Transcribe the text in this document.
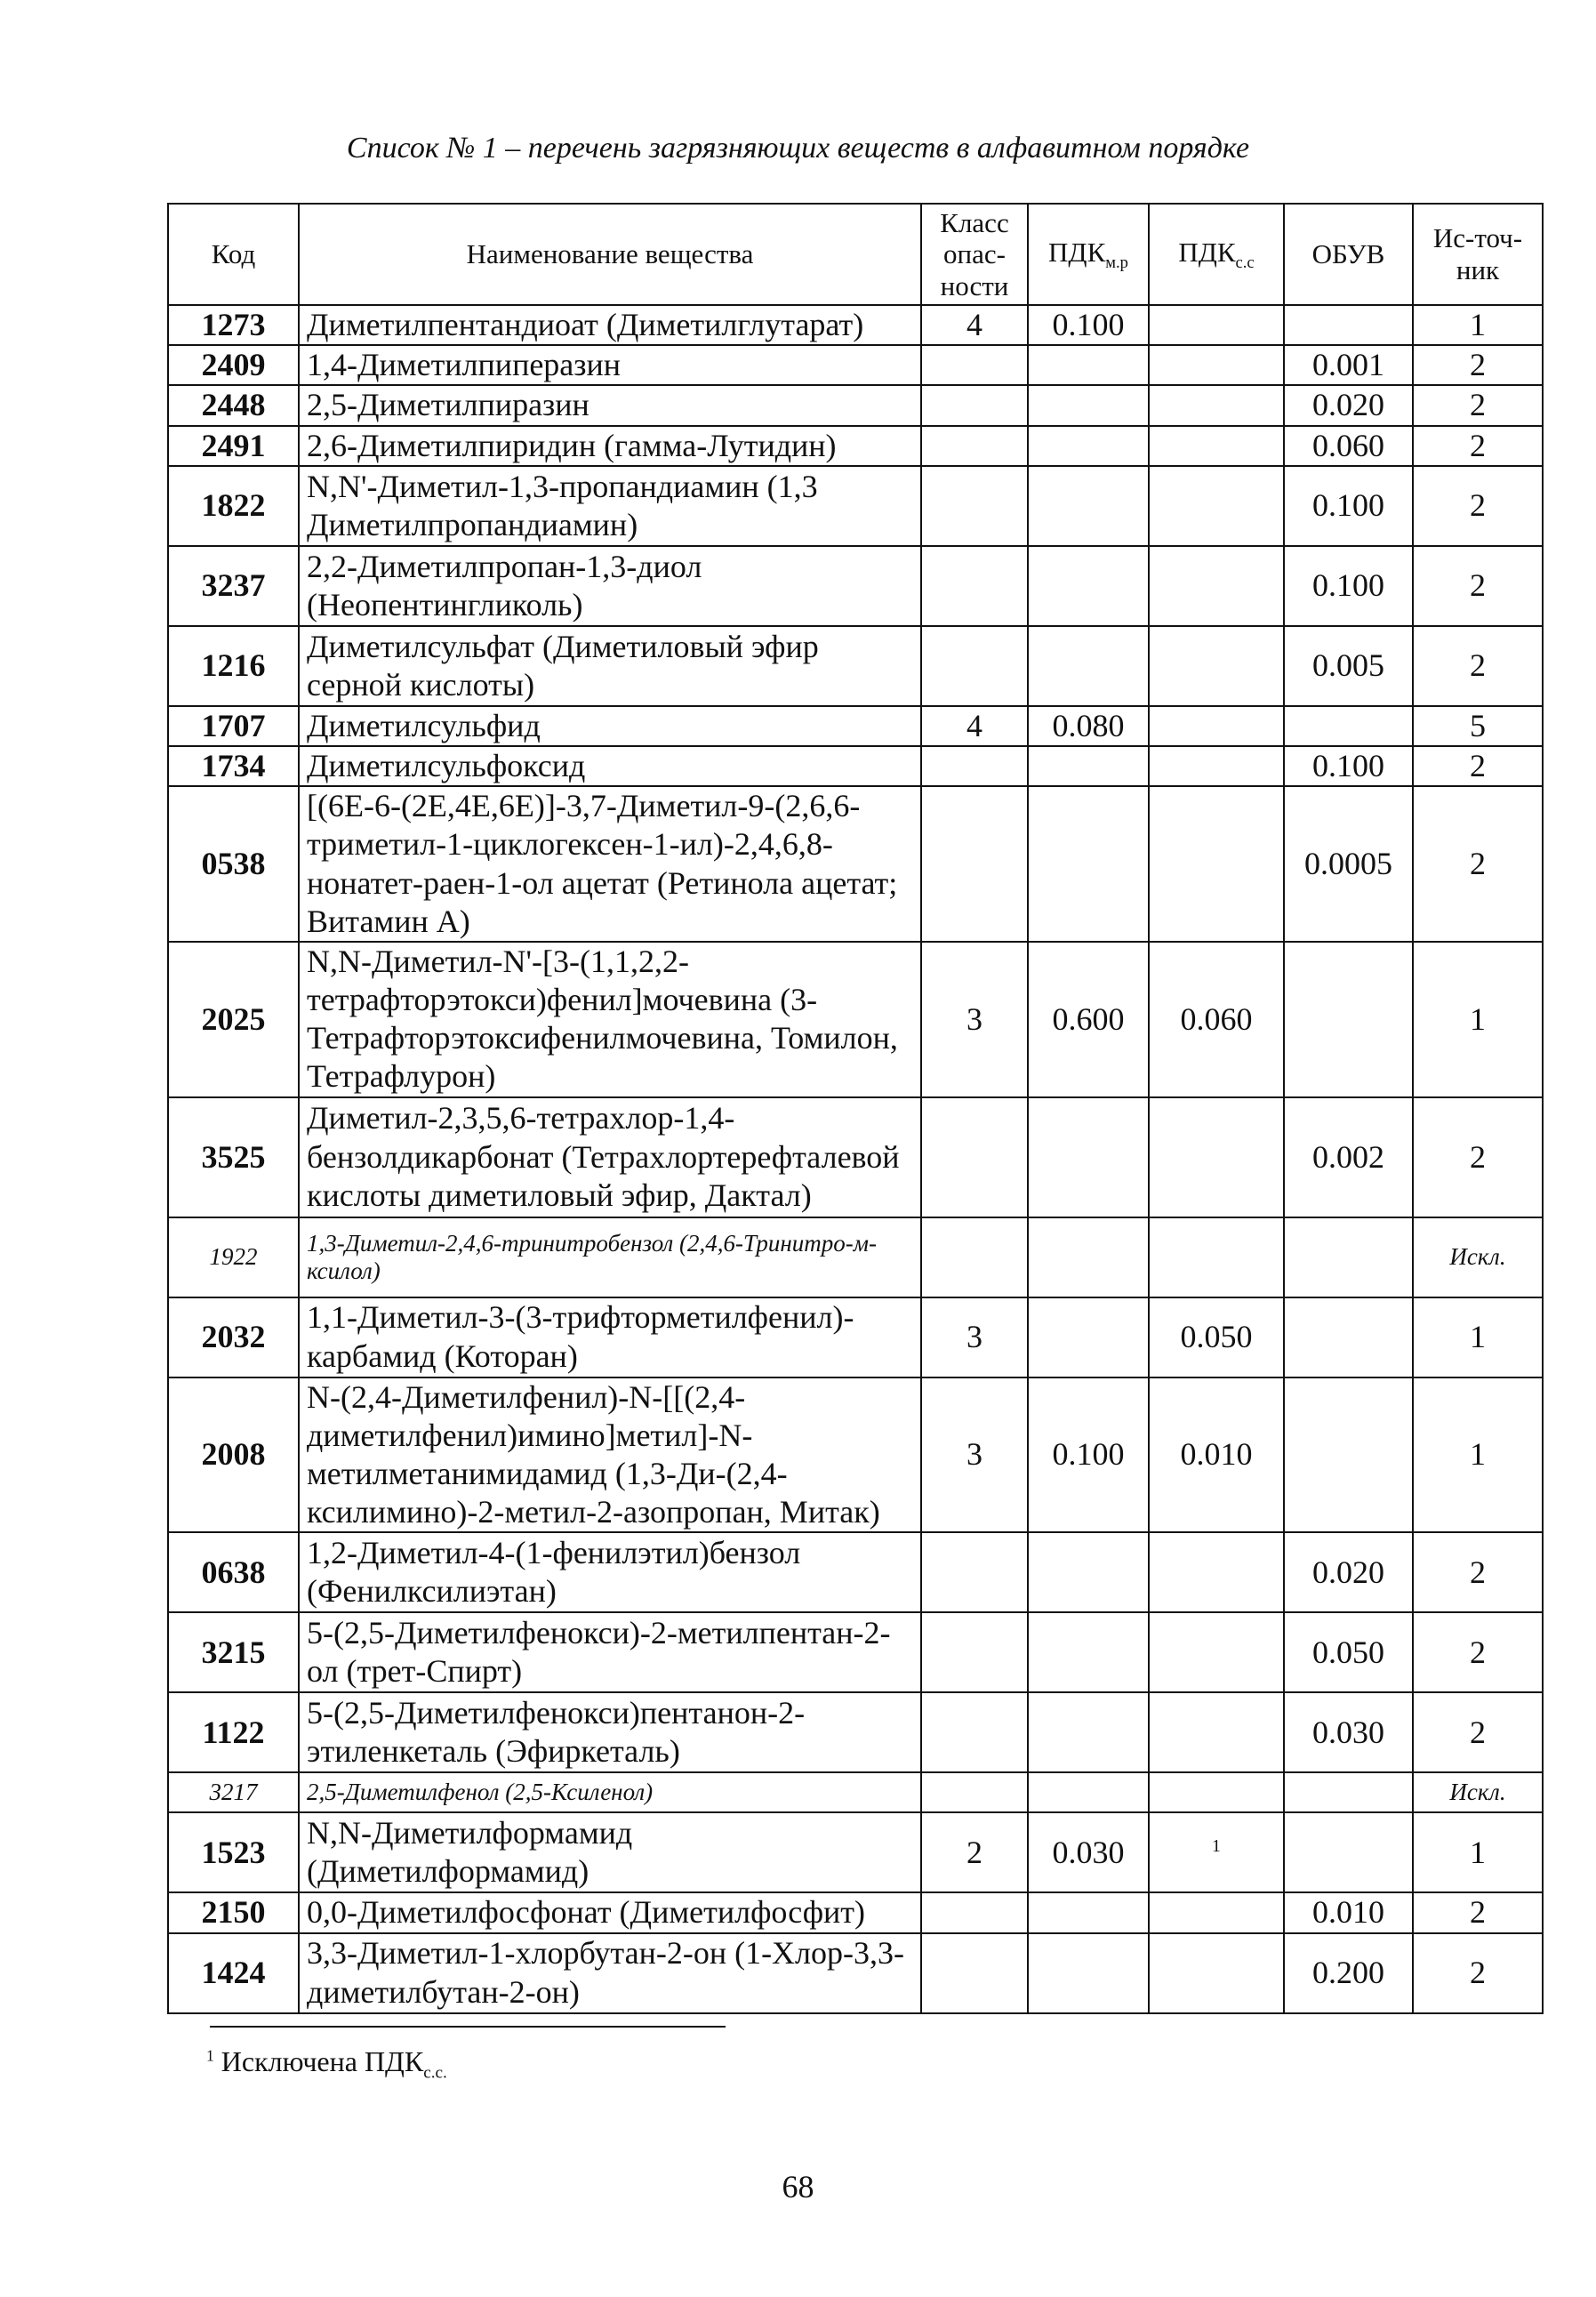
Список № 1 – перечень загрязняющих веществ в алфавитном порядке
Код	Наименование вещества	Класс опас-ности	$ПДК_{м.р}$	$ПДК_{с.с}$	ОБУВ	Ис-точ-ник
1273	Диметилпентандиоат (Диметилглутарат)	4	0.100			1
2409	1,4-Диметилпиперазин				0.001	2
2448	2,5-Диметилпиразин				0.020	2
2491	2,6-Диметилпиридин (гамма-Лутидин)				0.060	2
1822	N,N'-Диметил-1,3-пропандиамин (1,3 Диметилпропандиамин)				0.100	2
3237	2,2-Диметилпропан-1,3-диол (Неопентингликоль)				0.100	2
1216	Диметилсульфат (Диметиловый эфир серной кислоты)				0.005	2
1707	Диметилсульфид	4	0.080			5
1734	Диметилсульфоксид				0.100	2
0538	[(6E-6-(2E,4E,6E)]-3,7-Диметил-9-(2,6,6-триметил-1-циклогексен-1-ил)-2,4,6,8-нонатет-раен-1-ол ацетат (Ретинола ацетат; Витамин А)				0.0005	2
2025	N,N-Диметил-N'-[3-(1,1,2,2-тетрафторэтокси)фенил]мочевина (3-Тетрафторэтоксифенилмочевина, Томилон, Тетрафлурон)	3	0.600	0.060		1
3525	Диметил-2,3,5,6-тетрахлор-1,4-бензолдикарбонат (Тетрахлортерефталевой кислоты диметиловый эфир, Дактал)				0.002	2
1922	1,3-Диметил-2,4,6-тринитробензол (2,4,6-Тринитро-м-ксилол)					Искл.
2032	1,1-Диметил-3-(3-трифторметилфенил)-карбамид (Которан)	3		0.050		1
2008	N-(2,4-Диметилфенил)-N-[[(2,4-диметилфенил)имино]метил]-N-метилметанимидамид (1,3-Ди-(2,4-ксилимино)-2-метил-2-азопропан, Митак)	3	0.100	0.010		1
0638	1,2-Диметил-4-(1-фенилэтил)бензол (Фенилксилиэтан)				0.020	2
3215	5-(2,5-Диметилфенокси)-2-метилпентан-2-ол (трет-Спирт)				0.050	2
1122	5-(2,5-Диметилфенокси)пентанон-2-этиленкеталь (Эфиркеталь)				0.030	2
3217	2,5-Диметилфенол (2,5-Ксиленол)					Искл.
1523	N,N-Диметилформамид (Диметилформамид)	2	0.030	$^1$		1
2150	0,0-Диметилфосфонат (Диметилфосфит)				0.010	2
1424	3,3-Диметил-1-хлорбутан-2-он (1-Хлор-3,3-диметилбутан-2-он)				0.200	2
$^1$ Исключена $ПДК_{с.с.}$
68
